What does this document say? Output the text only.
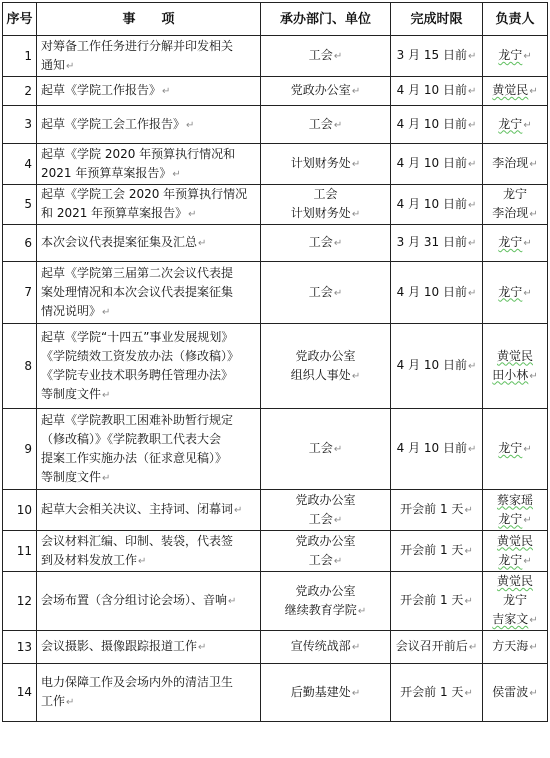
序号	事　　项	承办部门、单位	完成时限	负责人
1	对筹备工作任务进行分解并印发相关
通知↵	工会↵	3 月 15 日前↵	龙宁↵

2	起草《学院工作报告》↵	党政办公室↵	4 月 10 日前↵	黄觉民↵

3	起草《学院工会工作报告》↵	工会↵	4 月 10 日前↵	龙宁↵

4	起草《学院 2020 年预算执行情况和
2021 年预算草案报告》↵	计划财务处↵	4 月 10 日前↵	李治现↵

5	起草《学院工会 2020 年预算执行情况
和 2021 年预算草案报告》↵	工会
计划财务处↵	4 月 10 日前↵	龙宁
李治现↵

6	本次会议代表提案征集及汇总↵	工会↵	3 月 31 日前↵	龙宁↵

7	起草《学院第三届第二次会议代表提
案处理情况和本次会议代表提案征集
情况说明》↵	工会↵	4 月 10 日前↵	龙宁↵

8	起草《学院“十四五”事业发展规划》
《学院绩效工资发放办法（修改稿）》
《学院专业技术职务聘任管理办法》
等制度文件↵	党政办公室
组织人事处↵	4 月 10 日前↵	黄觉民
田小林↵

9	起草《学院教职工困难补助暂行规定
（修改稿）》《学院教职工代表大会
提案工作实施办法（征求意见稿）》
等制度文件↵	工会↵	4 月 10 日前↵	龙宁↵

10	起草大会相关决议、主持词、闭幕词↵	党政办公室
工会↵	开会前 1 天↵	蔡家瑶
龙宁↵

11	会议材料汇编、印制、装袋，代表签
到及材料发放工作↵	党政办公室
工会↵	开会前 1 天↵	黄觉民
龙宁↵

12	会场布置（含分组讨论会场）、音响↵	党政办公室
继续教育学院↵	开会前 1 天↵	黄觉民
龙宁
吉家文↵

13	会议摄影、摄像跟踪报道工作↵	宣传统战部↵	会议召开前后↵	方天海↵

14	电力保障工作及会场内外的清洁卫生
工作↵	后勤基建处↵	开会前 1 天↵	侯雷波↵
